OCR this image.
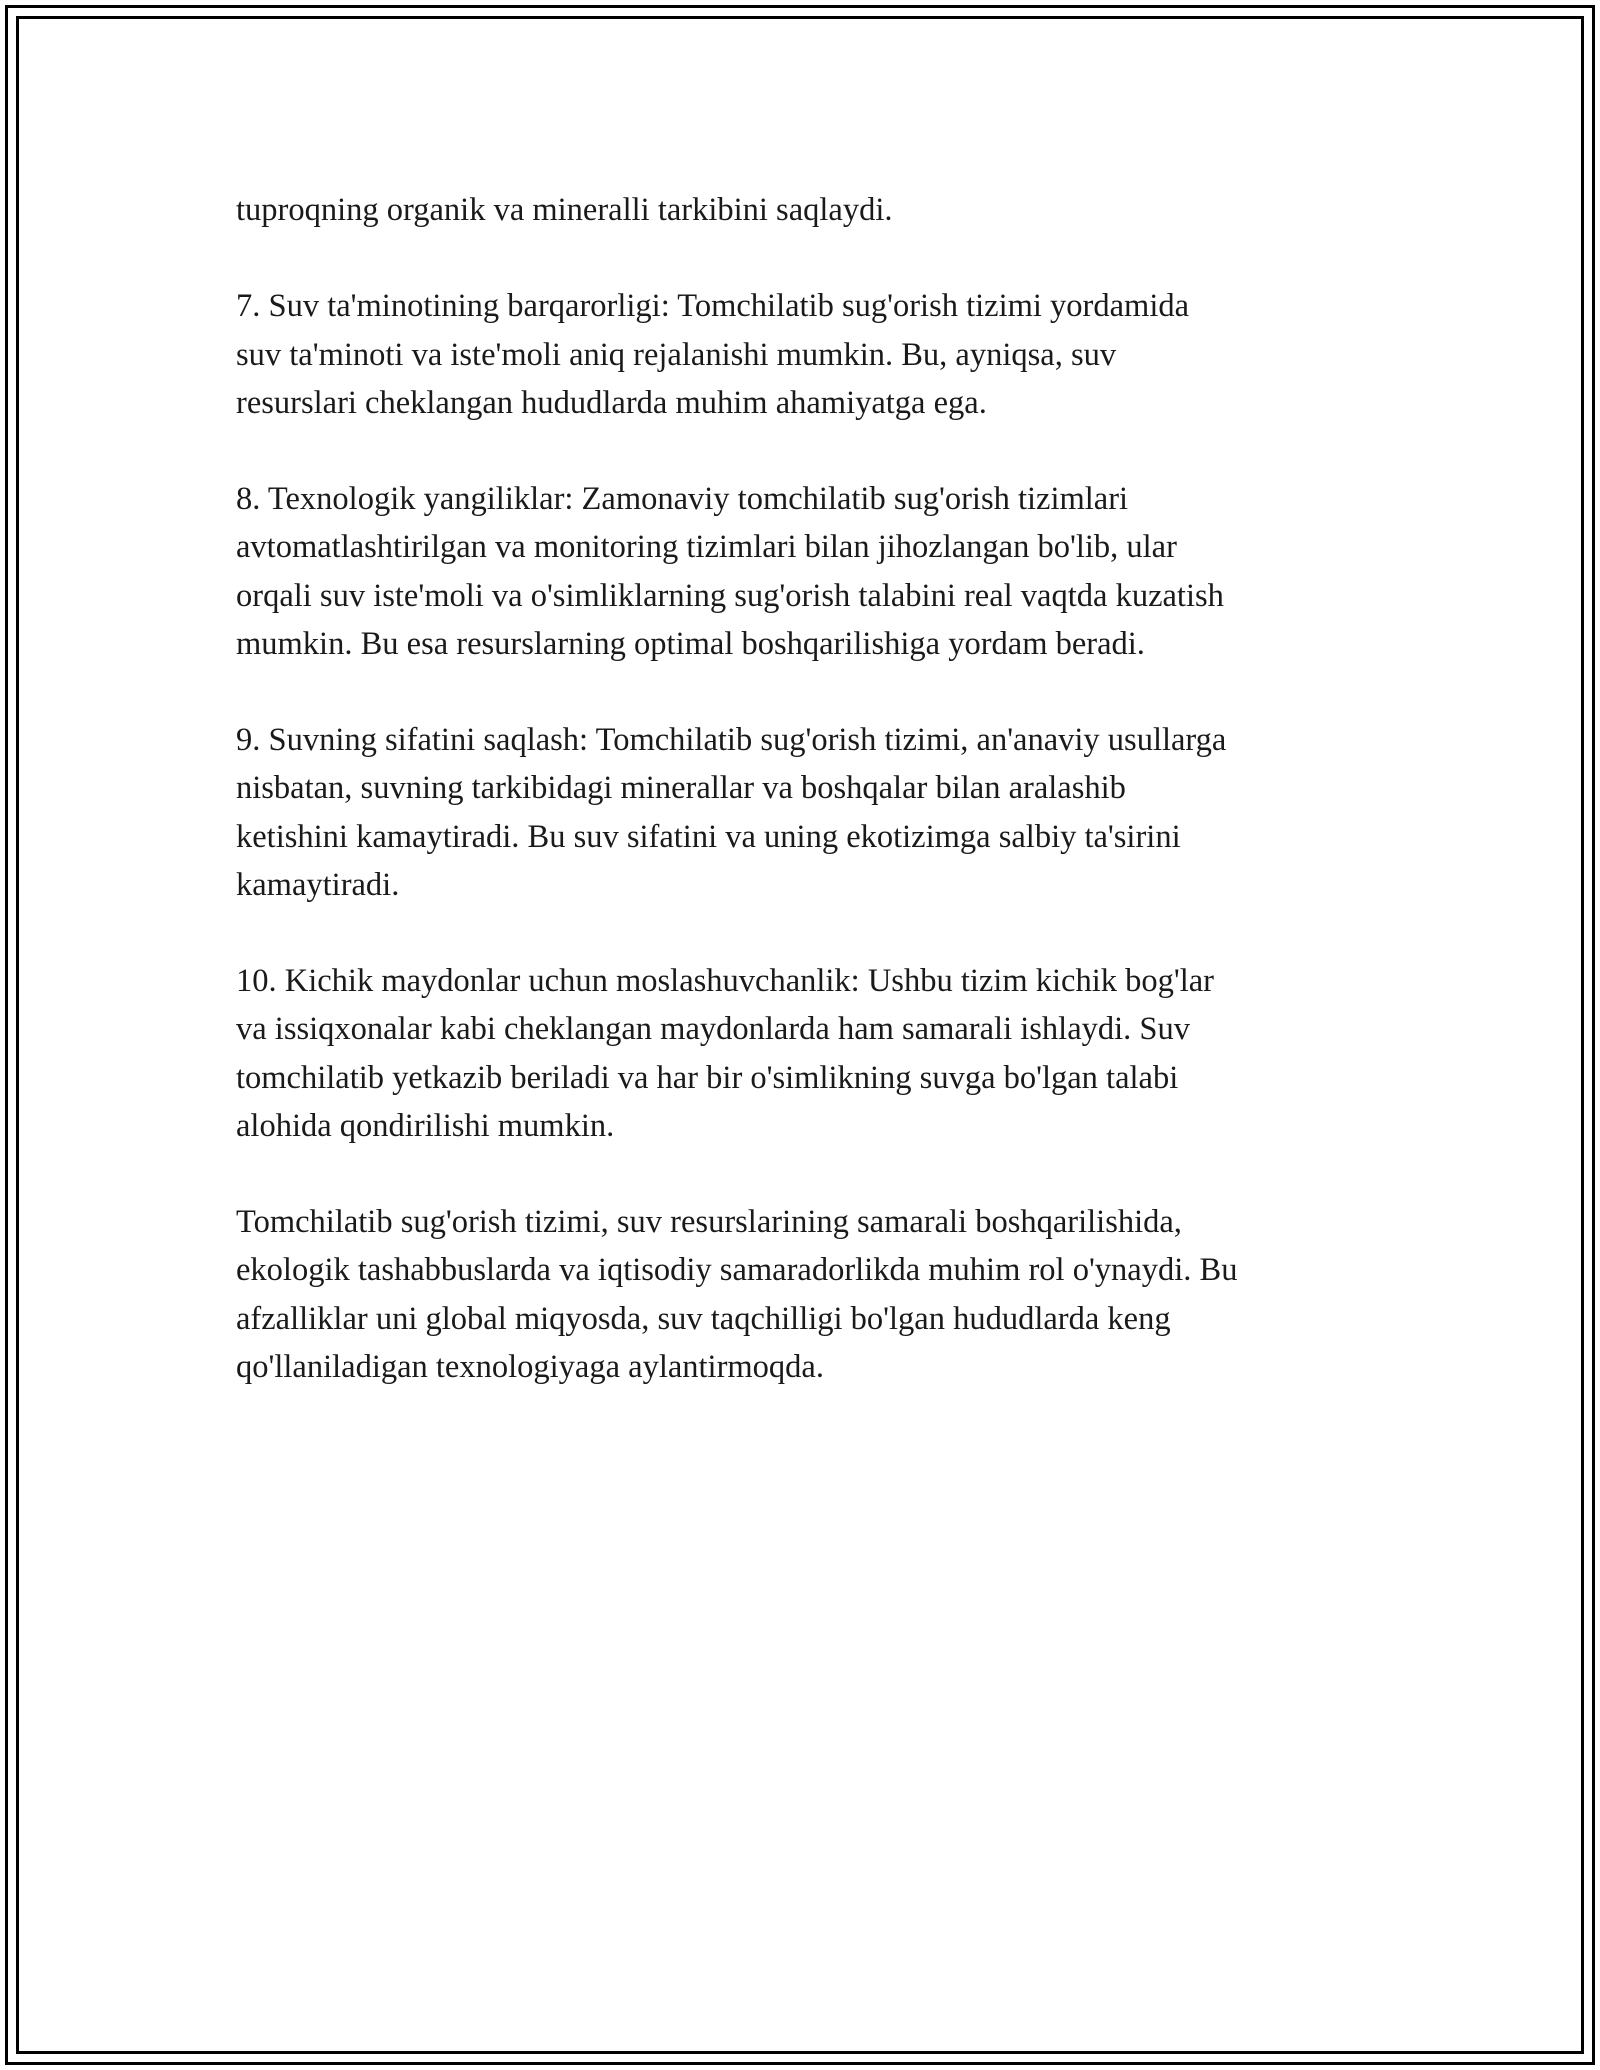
tuproqning organik va mineralli tarkibini saqlaydi.

7. Suv ta'minotining barqarorligi: Tomchilatib sug'orish tizimi yordamida
suv ta'minoti va iste'moli aniq rejalanishi mumkin. Bu, ayniqsa, suv
resurslari cheklangan hududlarda muhim ahamiyatga ega.

8. Texnologik yangiliklar: Zamonaviy tomchilatib sug'orish tizimlari
avtomatlashtirilgan va monitoring tizimlari bilan jihozlangan bo'lib, ular
orqali suv iste'moli va o'simliklarning sug'orish talabini real vaqtda kuzatish
mumkin. Bu esa resurslarning optimal boshqarilishiga yordam beradi.

9. Suvning sifatini saqlash: Tomchilatib sug'orish tizimi, an'anaviy usullarga
nisbatan, suvning tarkibidagi minerallar va boshqalar bilan aralashib
ketishini kamaytiradi. Bu suv sifatini va uning ekotizimga salbiy ta'sirini
kamaytiradi.

10. Kichik maydonlar uchun moslashuvchanlik: Ushbu tizim kichik bog'lar
va issiqxonalar kabi cheklangan maydonlarda ham samarali ishlaydi. Suv
tomchilatib yetkazib beriladi va har bir o'simlikning suvga bo'lgan talabi
alohida qondirilishi mumkin.

Tomchilatib sug'orish tizimi, suv resurslarining samarali boshqarilishida,
ekologik tashabbuslarda va iqtisodiy samaradorlikda muhim rol o'ynaydi. Bu
afzalliklar uni global miqyosda, suv taqchilligi bo'lgan hududlarda keng
qo'llaniladigan texnologiyaga aylantirmoqda.
